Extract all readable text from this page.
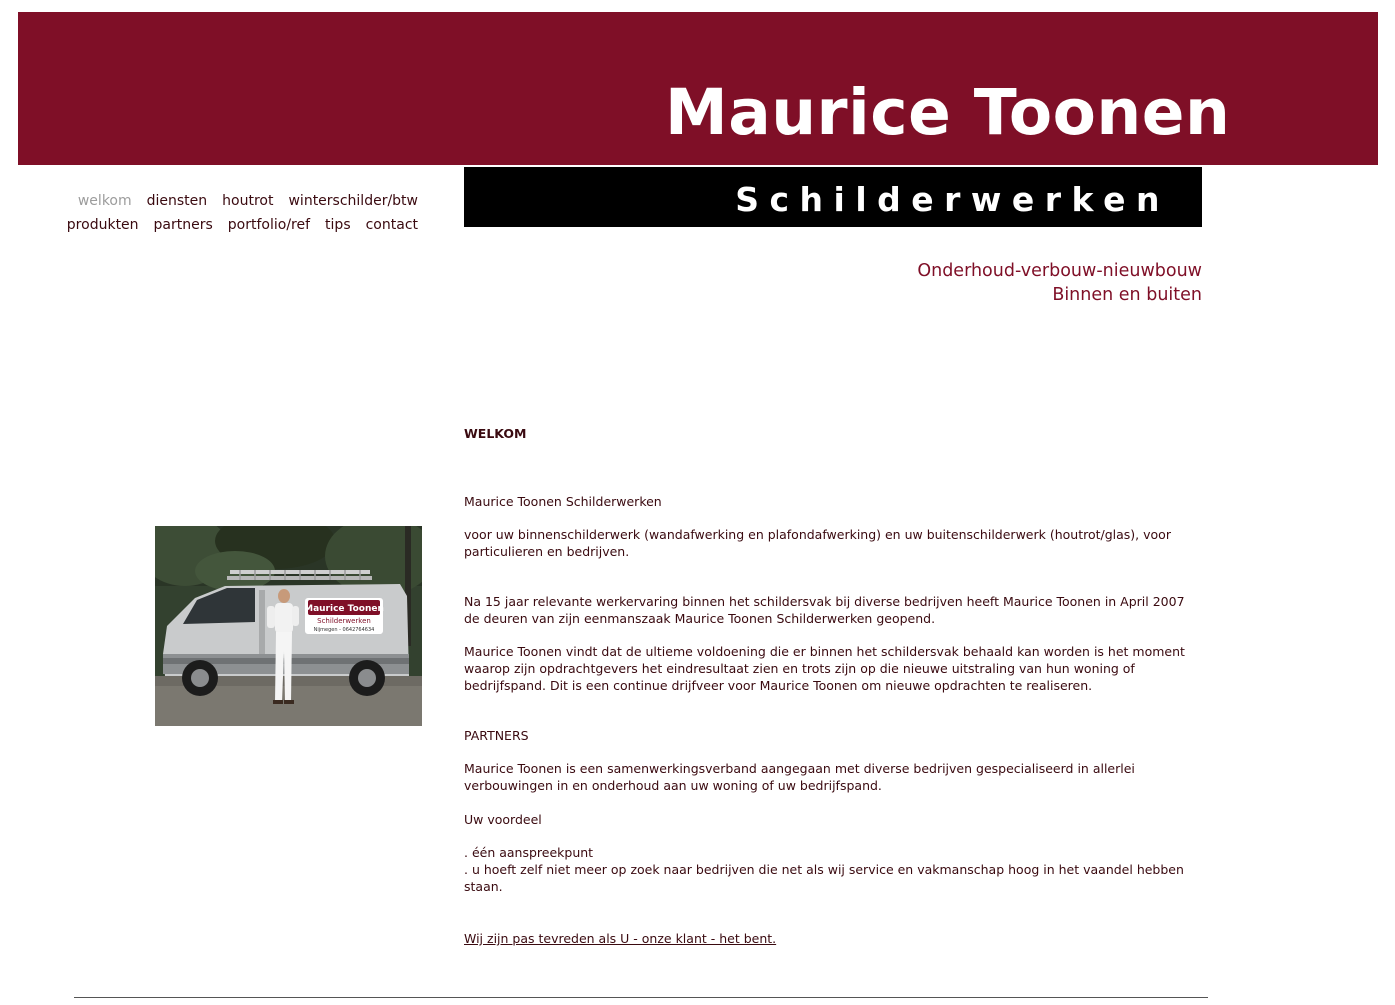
Maurice Toonen
Schilderwerken
welkom diensten houtrot winterschilder/btw
produkten partners portfolio/ref tips contact
Onderhoud-verbouw-nieuwbouw
Binnen en buiten
Maurice Toonen
Schilderwerken
Nijmegen - 0642764634

WELKOM

Maurice Toonen Schilderwerken

voor uw binnenschilderwerk (wandafwerking en plafondafwerking) en uw buitenschilderwerk (houtrot/glas), voor particulieren en bedrijven.

Na 15 jaar relevante werkervaring binnen het schildersvak bij diverse bedrijven heeft Maurice Toonen in April 2007 de deuren van zijn eenmanszaak Maurice Toonen Schilderwerken geopend.

Maurice Toonen vindt dat de ultieme voldoening die er binnen het schildersvak behaald kan worden is het moment waarop zijn opdrachtgevers het eindresultaat zien en trots zijn op die nieuwe uitstraling van hun woning of bedrijfspand. Dit is een continue drijfveer voor Maurice Toonen om nieuwe opdrachten te realiseren.

PARTNERS

Maurice Toonen is een samenwerkingsverband aangegaan met diverse bedrijven gespecialiseerd in allerlei verbouwingen in en onderhoud aan uw woning of uw bedrijfspand.

Uw voordeel

. één aanspreekpunt

. u hoeft zelf niet meer op zoek naar bedrijven die net als wij service en vakmanschap hoog in het vaandel hebben staan.

Wij zijn pas tevreden als U - onze klant - het bent.
